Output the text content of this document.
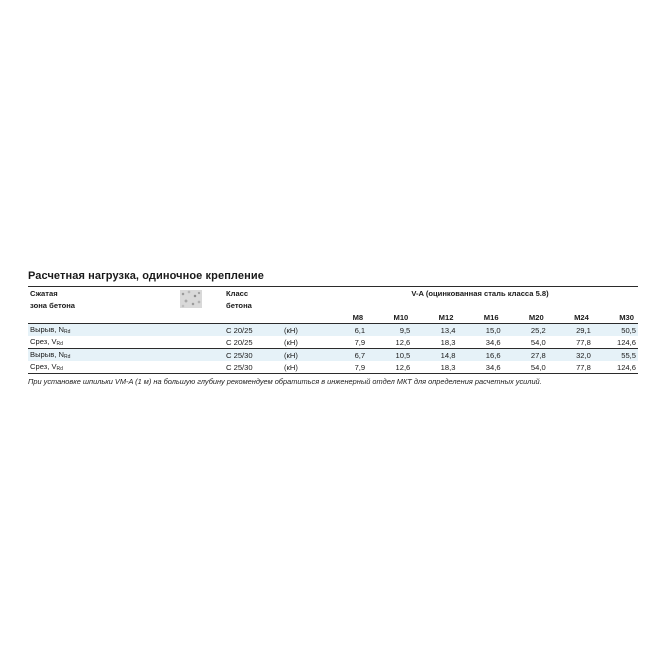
Расчетная нагрузка, одиночное крепление
Сжатая		Класс		V-A (оцинкованная сталь класса 5.8)						
зона бетона		бетона								
				M8	M10	M12	M16	M20	M24	M30
Вырыв, $N_{Rd}$		С 20/25	(кН)	6,1	9,5	13,4	15,0	25,2	29,1	50,5
Срез, $V_{Rd}$		С 20/25	(кН)	7,9	12,6	18,3	34,6	54,0	77,8	124,6
Вырыв, $N_{Rd}$		С 25/30	(кН)	6,7	10,5	14,8	16,6	27,8	32,0	55,5
Срез, $V_{Rd}$		С 25/30	(кН)	7,9	12,6	18,3	34,6	54,0	77,8	124,6
При установке шпильки VM-A (1 м) на большую глубину рекомендуем обратиться в инженерный отдел МКТ для определения расчетных усилий.
